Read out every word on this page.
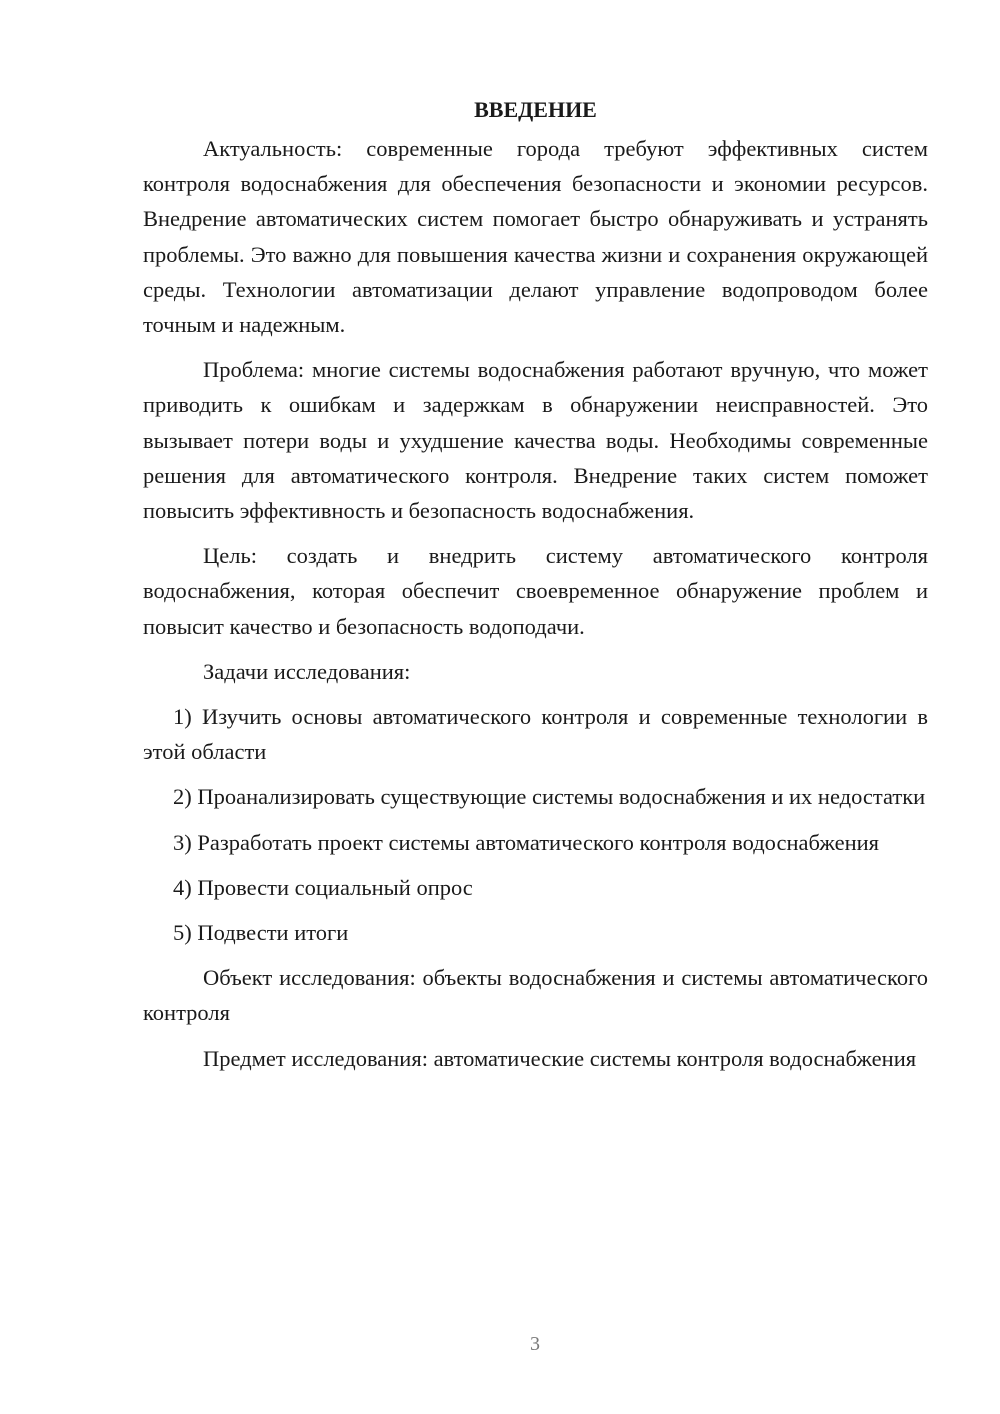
ВВЕДЕНИЕ

Актуальность: современные города требуют эффективных систем контроля водоснабжения для обеспечения безопасности и экономии ресурсов. Внедрение автоматических систем помогает быстро обнаруживать и устранять проблемы. Это важно для повышения качества жизни и сохранения окружающей среды. Технологии автоматизации делают управление водопроводом более точным и надежным.

Проблема: многие системы водоснабжения работают вручную, что может приводить к ошибкам и задержкам в обнаружении неисправностей. Это вызывает потери воды и ухудшение качества воды. Необходимы современные решения для автоматического контроля. Внедрение таких систем поможет повысить эффективность и безопасность водоснабжения.

Цель: создать и внедрить систему автоматического контроля водоснабжения, которая обеспечит своевременное обнаружение проблем и повысит качество и безопасность водоподачи.

Задачи исследования:

1) Изучить основы автоматического контроля и современные технологии в этой области

2) Проанализировать существующие системы водоснабжения и их недостатки

3) Разработать проект системы автоматического контроля водоснабжения

4) Провести социальный опрос

5) Подвести итоги

Объект исследования: объекты водоснабжения и системы автоматического контроля

Предмет исследования: автоматические системы контроля водоснабжения

3
